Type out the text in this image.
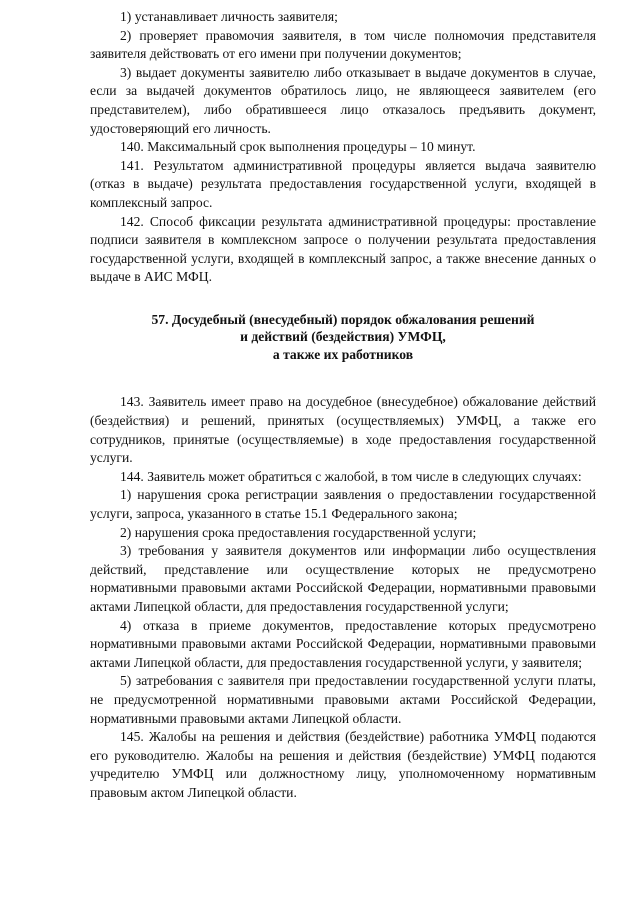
1) устанавливает личность заявителя;

2) проверяет правомочия заявителя, в том числе полномочия представителя заявителя действовать от его имени при получении документов;

3) выдает документы заявителю либо отказывает в выдаче документов в случае, если за выдачей документов обратилось лицо, не являющееся заявителем (его представителем), либо обратившееся лицо отказалось предъявить документ, удостоверяющий его личность.

140. Максимальный срок выполнения процедуры – 10 минут.

141. Результатом административной процедуры является выдача заявителю (отказ в выдаче) результата предоставления государственной услуги, входящей в комплексный запрос.

142. Способ фиксации результата административной процедуры: проставление подписи заявителя в комплексном запросе о получении результата предоставления государственной услуги, входящей в комплексный запрос, а также внесение данных о выдаче в АИС МФЦ.

57. Досудебный (внесудебный) порядок обжалования решений
и действий (бездействия) УМФЦ,
а также их работников

143. Заявитель имеет право на досудебное (внесудебное) обжалование действий (бездействия) и решений, принятых (осуществляемых) УМФЦ, а также его сотрудников, принятые (осуществляемые) в ходе предоставления государственной услуги.

144. Заявитель может обратиться с жалобой, в том числе в следующих случаях:

1) нарушения срока регистрации заявления о предоставлении государственной услуги, запроса, указанного в статье 15.1 Федерального закона;

2) нарушения срока предоставления государственной услуги;

3) требования у заявителя документов или информации либо осуществления действий, представление или осуществление которых не предусмотрено нормативными правовыми актами Российской Федерации, нормативными правовыми актами Липецкой области, для предоставления государственной услуги;

4) отказа в приеме документов, предоставление которых предусмотрено нормативными правовыми актами Российской Федерации, нормативными правовыми актами Липецкой области, для предоставления государственной услуги, у заявителя;

5) затребования с заявителя при предоставлении государственной услуги платы, не предусмотренной нормативными правовыми актами Российской Федерации, нормативными правовыми актами Липецкой области.

145. Жалобы на решения и действия (бездействие) работника УМФЦ подаются его руководителю. Жалобы на решения и действия (бездействие) УМФЦ подаются учредителю УМФЦ или должностному лицу, уполномоченному нормативным правовым актом Липецкой области.
